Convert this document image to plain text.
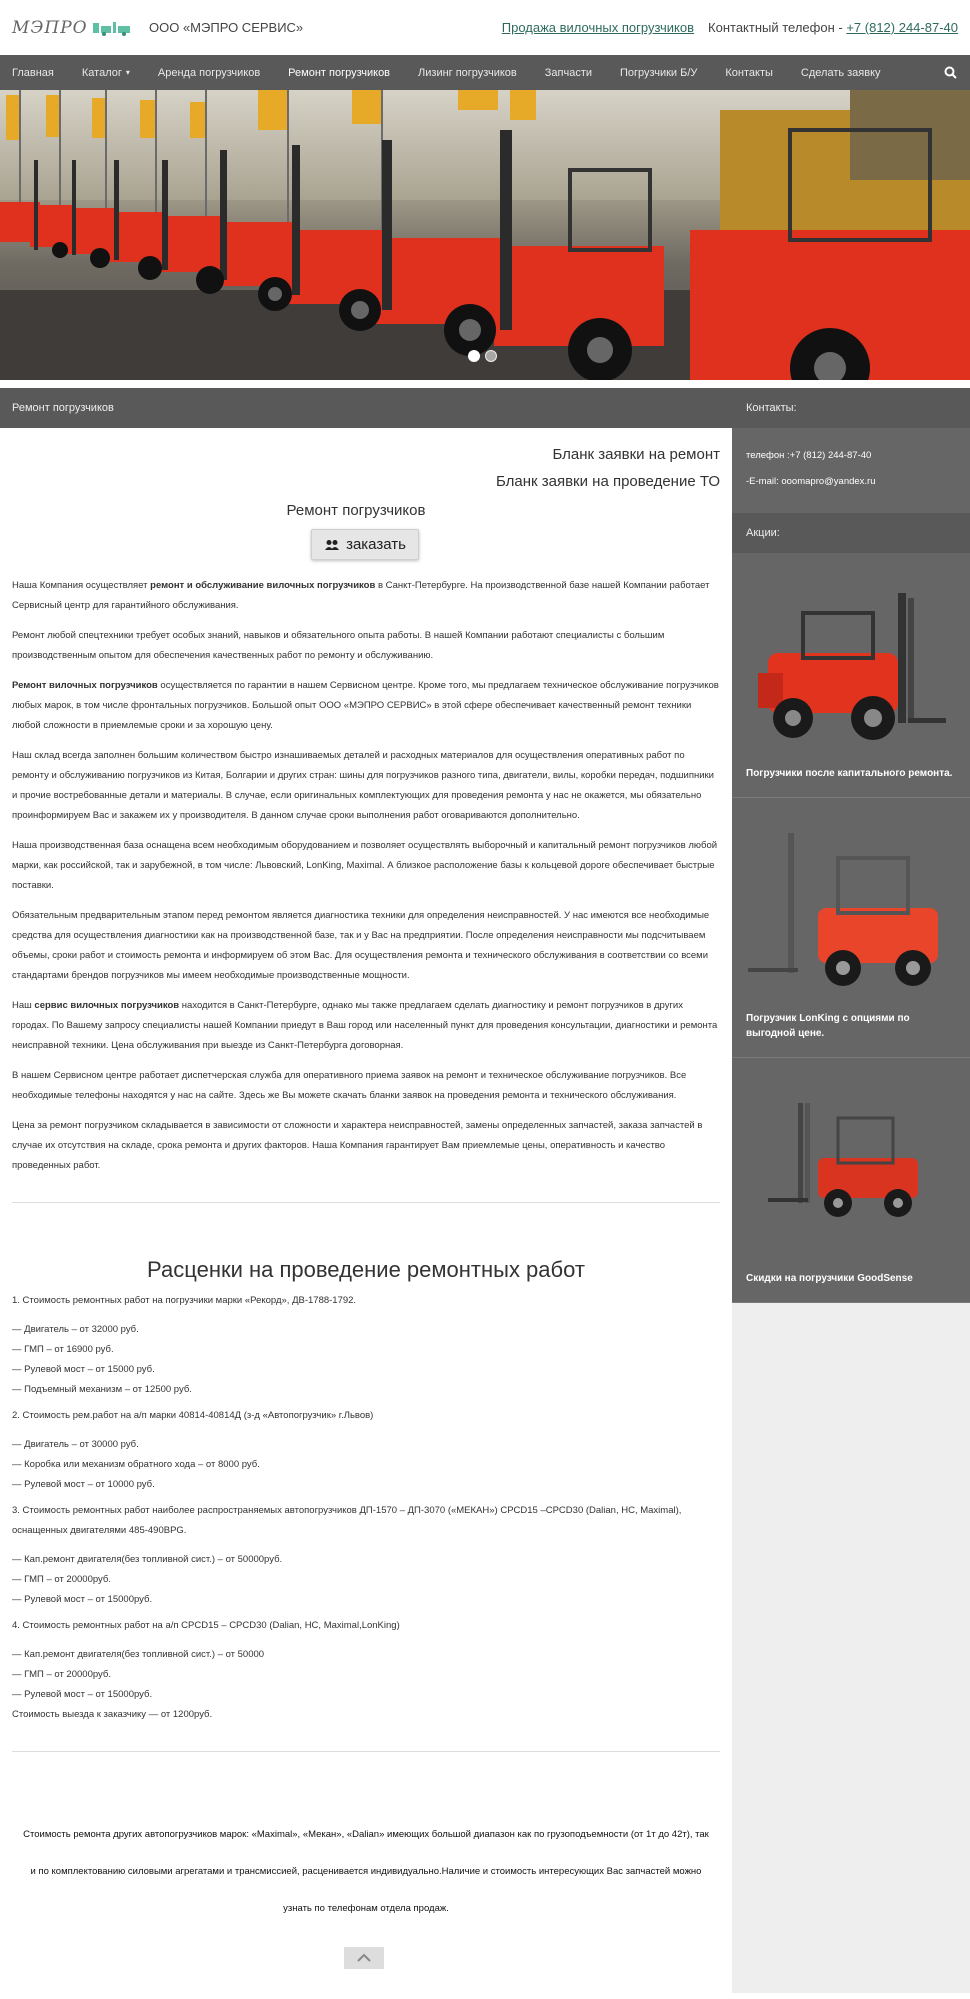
МЭПРО	ООО «МЭПРО СЕРВИС»	Продажа вилочных погрузчиков Контактный телефон -
+7 (812) 244-87-40
Главная	Каталог ▾	Аренда погрузчиков	Ремонт погрузчиков	Лизинг погрузчиков	Запчасти	Погрузчики Б/У	Контакты	Сделать заявку
Ремонт погрузчиков
Бланк заявки на ремонт
Бланк заявки на проведение ТО
Ремонт погрузчиков
заказать

Наша Компания осуществляет ремонт и обслуживание вилочных погрузчиков в Санкт-Петербурге. На производственной базе нашей Компании работает Сервисный центр для гарантийного обслуживания.

Ремонт любой спецтехники требует особых знаний, навыков и обязательного опыта работы. В нашей Компании работают специалисты с большим производственным опытом для обеспечения качественных работ по ремонту и обслуживанию.

Ремонт вилочных погрузчиков осуществляется по гарантии в нашем Сервисном центре. Кроме того, мы предлагаем техническое обслуживание погрузчиков любых марок, в том числе фронтальных погрузчиков. Большой опыт ООО «МЭПРО СЕРВИС» в этой сфере обеспечивает качественный ремонт техники любой сложности в приемлемые сроки и за хорошую цену.

Наш склад всегда заполнен большим количеством быстро изнашиваемых деталей и расходных материалов для осуществления оперативных работ по ремонту и обслуживанию погрузчиков из Китая, Болгарии и других стран: шины для погрузчиков разного типа, двигатели, вилы, коробки передач, подшипники и прочие востребованные детали и материалы. В случае, если оригинальных комплектующих для проведения ремонта у нас не окажется, мы обязательно проинформируем Вас и закажем их у производителя. В данном случае сроки выполнения работ оговариваются дополнительно.

Наша производственная база оснащена всем необходимым оборудованием и позволяет осуществлять выборочный и капитальный ремонт погрузчиков любой марки, как российской, так и зарубежной, в том числе: Львовский, LonKing, Maximal. А близкое расположение базы к кольцевой дороге обеспечивает быстрые поставки.

Обязательным предварительным этапом перед ремонтом является диагностика техники для определения неисправностей. У нас имеются все необходимые средства для осуществления диагностики как на производственной базе, так и у Вас на предприятии. После определения неисправности мы подсчитываем объемы, сроки работ и стоимость ремонта и информируем об этом Вас. Для осуществления ремонта и технического обслуживания в соответствии со всеми стандартами брендов погрузчиков мы имеем необходимые производственные мощности.

Наш сервис вилочных погрузчиков находится в Санкт-Петербурге, однако мы также предлагаем сделать диагностику и ремонт погрузчиков в других городах. По Вашему запросу специалисты нашей Компании приедут в Ваш город или населенный пункт для проведения консультации, диагностики и ремонта неисправной техники. Цена обслуживания при выезде из Санкт-Петербурга договорная.

В нашем Сервисном центре работает диспетчерская служба для оперативного приема заявок на ремонт и техническое обслуживание погрузчиков. Все необходимые телефоны находятся у нас на сайте. Здесь же Вы можете скачать бланки заявок на проведения ремонта и технического обслуживания.

Цена за ремонт погрузчиком складывается в зависимости от сложности и характера неисправностей, замены определенных запчастей, заказа запчастей в случае их отсутствия на складе, срока ремонта и других факторов. Наша Компания гарантирует Вам приемлемые цены, оперативность и качество проведенных работ.

Расценки на проведение ремонтных работ
1. Стоимость ремонтных работ на погрузчики марки «Рекорд», ДВ-1788-1792.
— Двигатель – от 32000 руб.
— ГМП – от 16900 руб.
— Рулевой мост – от 15000 руб.
— Подъемный механизм – от 12500 руб.
2. Стоимость рем.работ на а/п марки 40814-40814Д (з-д «Автопогрузчик» г.Львов)
— Двигатель – от 30000 руб.
— Коробка или механизм обратного хода – от 8000 руб.
— Рулевой мост – от 10000 руб.
3. Стоимость ремонтных работ наиболее распространяемых автопогрузчиков ДП-1570 – ДП-3070 («МЕКАН») CPCD15 –CPCD30 (Dalian, HC, Maximal), оснащенных двигателями 485-490BPG.
— Кап.ремонт двигателя(без топливной сист.) – от 50000руб.
— ГМП – от 20000руб.
— Рулевой мост – от 15000руб.
4. Стоимость ремонтных работ на а/п CPCD15 – CPCD30 (Dalian, HC, Maximal,LonKing)
— Кап.ремонт двигателя(без топливной сист.) – от 50000
— ГМП – от 20000руб.
— Рулевой мост – от 15000руб.
Стоимость выезда к заказчику — от 1200руб.
Стоимость ремонта других автопогрузчиков марок: «Maximal», «Мекан», «Dalian» имеющих большой диапазон как по грузоподъемности (от 1т до 42т), так и по комплектованию силовыми агрегатами и трансмиссией, расценивается индивидуально.Наличие и стоимость интересующих Вас запчастей можно узнать по телефонам отдела продаж.
Контакты:
телефон :+7 (812) 244-87-40
-E-mail: ooomapro@yandex.ru
Акции:
Погрузчики после капитального ремонта.
Погрузчик LonKing с опциями по выгодной цене.
Скидки на погрузчики GoodSense
